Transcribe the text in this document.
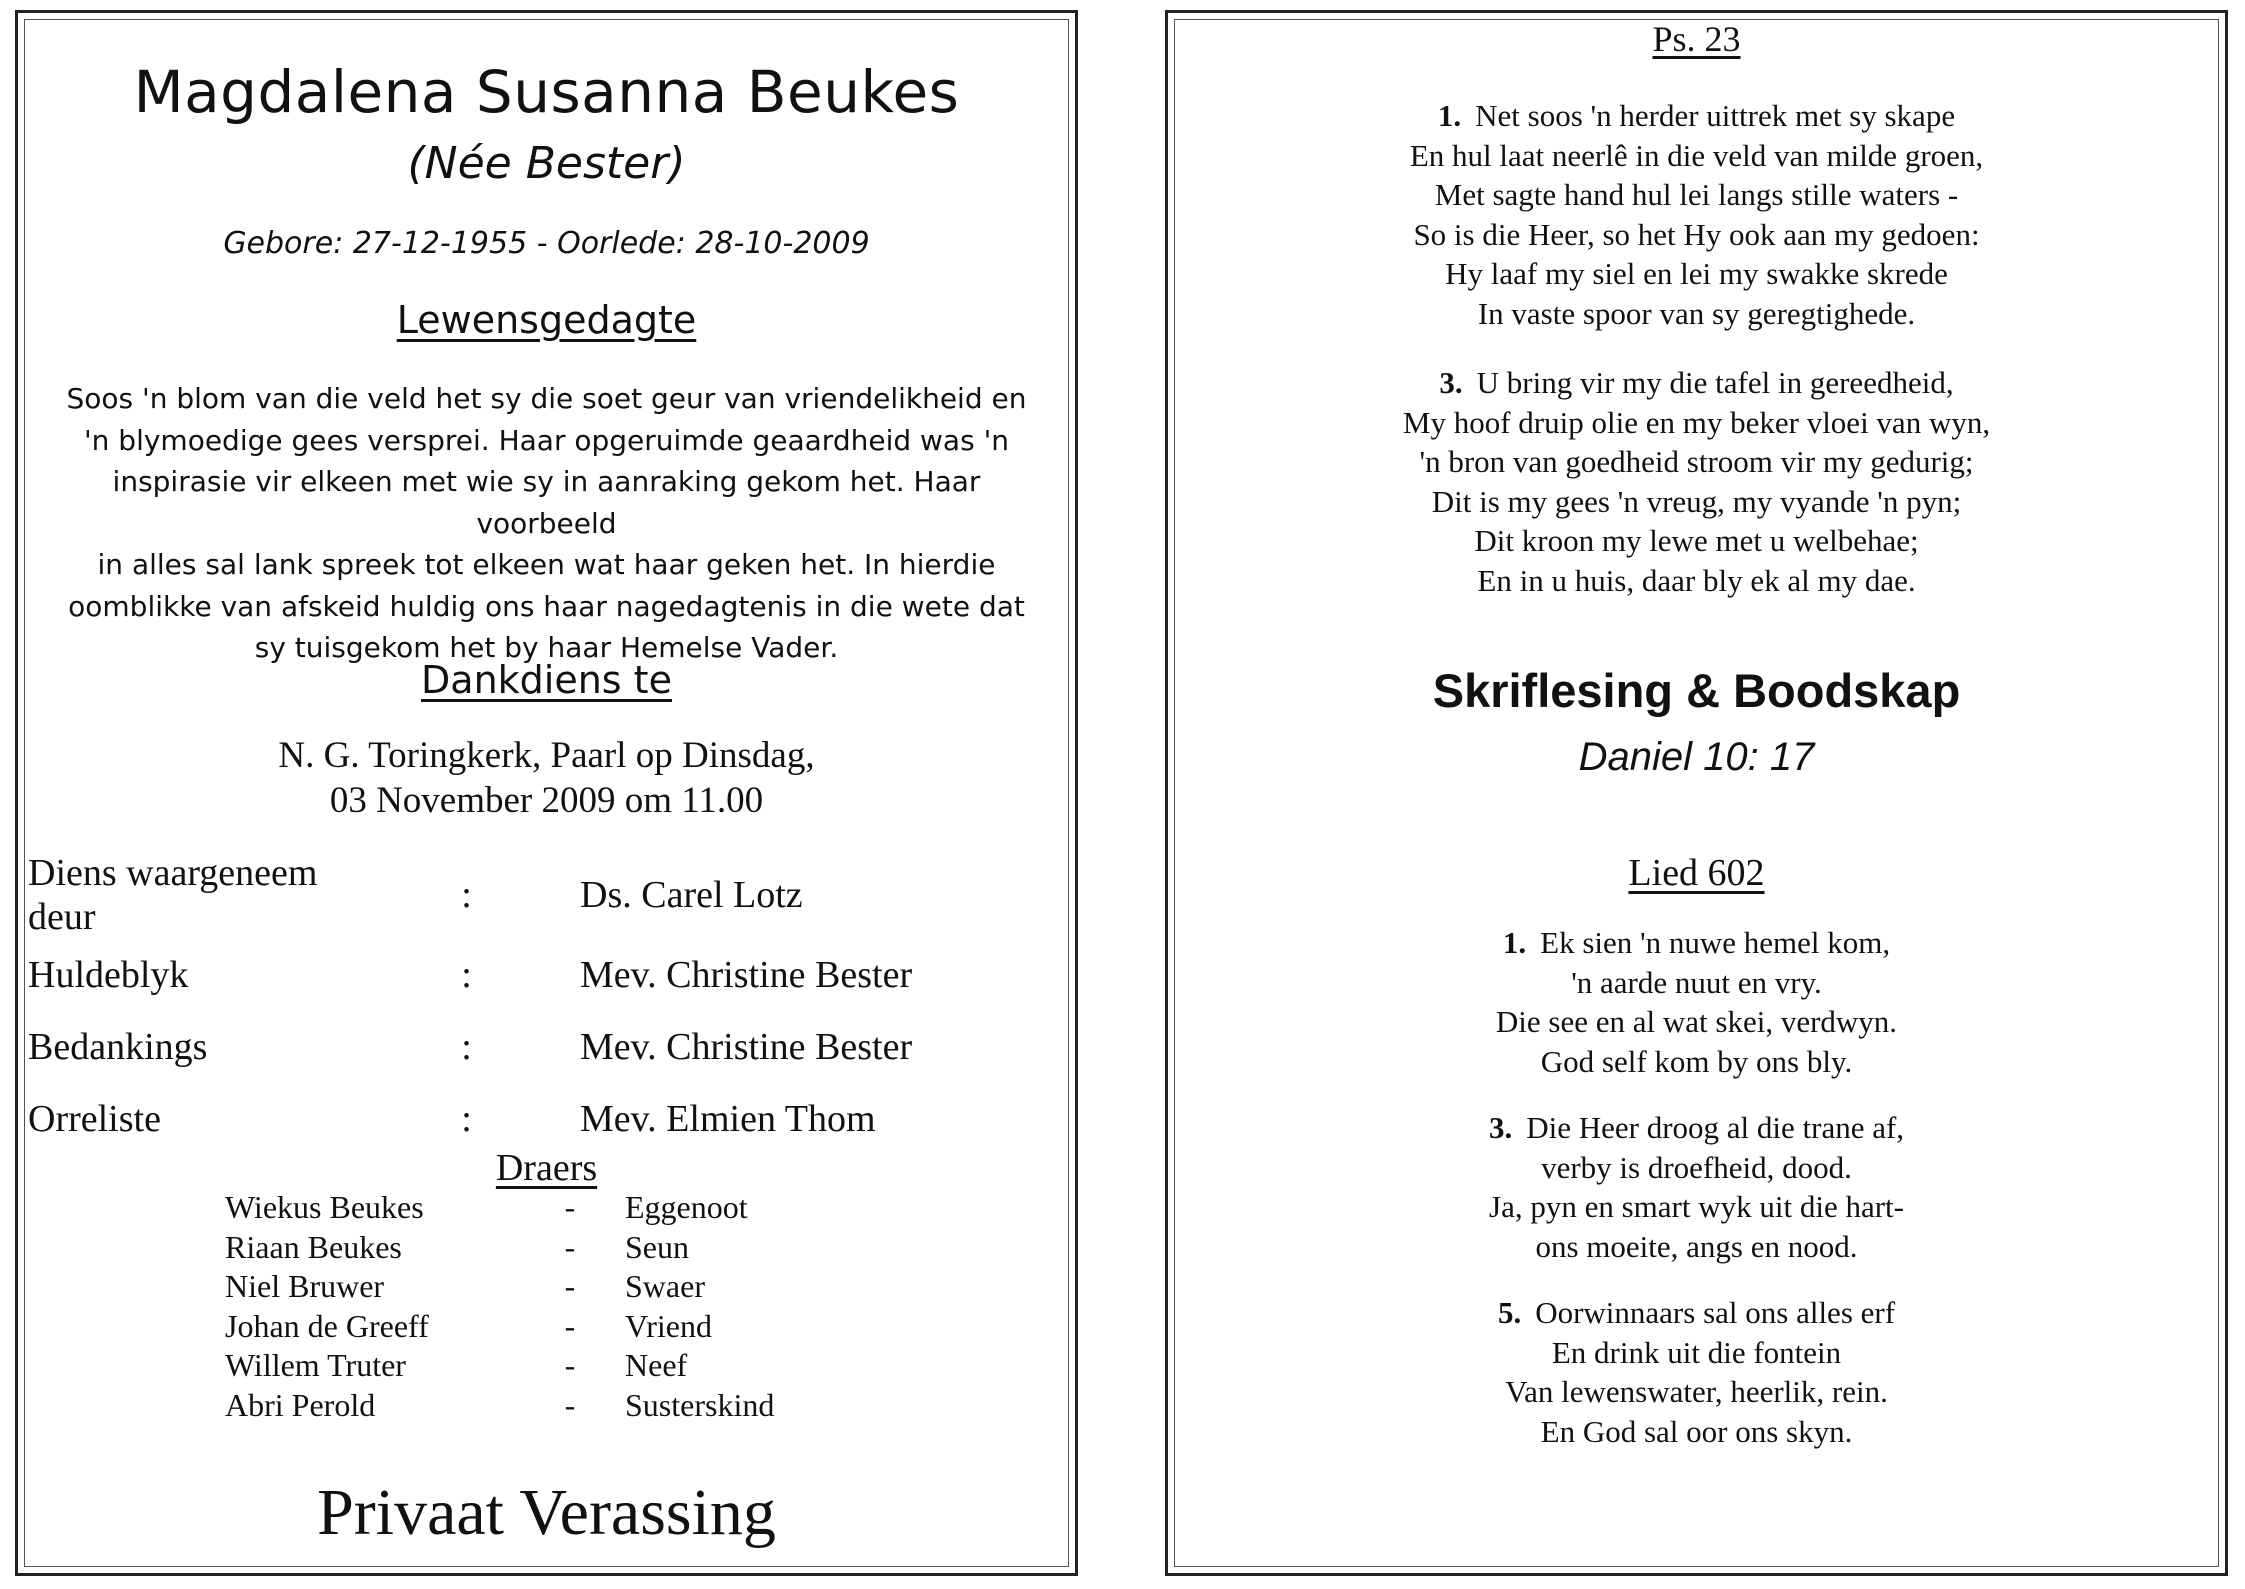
Magdalena Susanna Beukes
(Née Bester)
Gebore: 27-12-1955 - Oorlede: 28-10-2009
Lewensgedagte
Soos 'n blom van die veld het sy die soet geur van vriendelikheid en
'n blymoedige gees versprei. Haar opgeruimde geaardheid was 'n
inspirasie vir elkeen met wie sy in aanraking gekom het. Haar voorbeeld
in alles sal lank spreek tot elkeen wat haar geken het. In hierdie
oomblikke van afskeid huldig ons haar nagedagtenis in die wete dat
sy tuisgekom het by haar Hemelse Vader.
Dankdiens te
N. G. Toringkerk, Paarl op Dinsdag,
03 November 2009 om 11.00
Diens waargeneem deur	:	Ds. Carel Lotz
Huldeblyk	:	Mev. Christine Bester
Bedankings	:	Mev. Christine Bester
Orreliste	:	Mev. Elmien Thom
Draers
Wiekus Beukes	-	Eggenoot
Riaan Beukes	-	Seun
Niel Bruwer	-	Swaer
Johan de Greeff	-	Vriend
Willem Truter	-	Neef
Abri Perold	-	Susterskind
Privaat Verassing
Ps. 23
1. Net soos 'n herder uittrek met sy skape
En hul laat neerlê in die veld van milde groen,
Met sagte hand hul lei langs stille waters -
So is die Heer, so het Hy ook aan my gedoen:
Hy laaf my siel en lei my swakke skrede
In vaste spoor van sy geregtighede.
3. U bring vir my die tafel in gereedheid,
My hoof druip olie en my beker vloei van wyn,
'n bron van goedheid stroom vir my gedurig;
Dit is my gees 'n vreug, my vyande 'n pyn;
Dit kroon my lewe met u welbehae;
En in u huis, daar bly ek al my dae.
Skriflesing & Boodskap
Daniel 10: 17
Lied 602
1. Ek sien 'n nuwe hemel kom,
'n aarde nuut en vry.
Die see en al wat skei, verdwyn.
God self kom by ons bly.
3. Die Heer droog al die trane af,
verby is droefheid, dood.
Ja, pyn en smart wyk uit die hart-
ons moeite, angs en nood.
5. Oorwinnaars sal ons alles erf
En drink uit die fontein
Van lewenswater, heerlik, rein.
En God sal oor ons skyn.
